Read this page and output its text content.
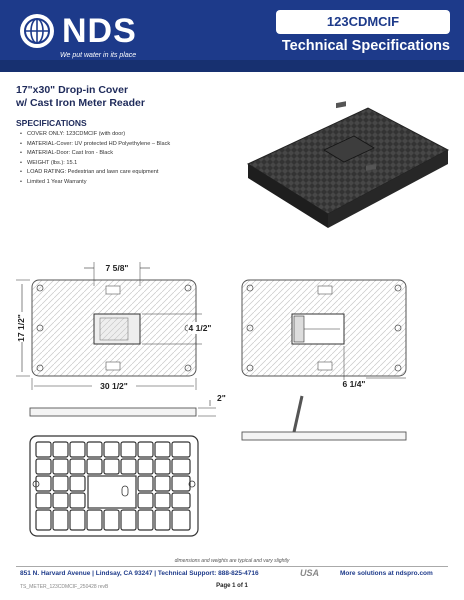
NDS
We put water in its place
123CDMCIF
Technical Specifications
17"x30" Drop-in Cover
w/ Cast Iron Meter Reader
SPECIFICATIONS
• COVER ONLY: 123CDMCIF (with door)
• MATERIAL-Cover: UV protected HD Polyethylene – Black
• MATERIAL-Door: Cast Iron - Black
• WEIGHT (lbs.): 15.1
• LOAD RATING: Pedestrian and lawn care equipment
• Limited 1 Year Warranty
7 5/8"
17 1/2"	4 1/2"
30 1/2"	6 1/4"
2"
dimensions and weights are typical and vary slightly
851 N. Harvard Avenue | Lindsay, CA 93247 | Technical Support: 888-825-4716	USA	More solutions at ndspro.com
TS_METER_123CDMCIF_250428 revB	Page 1 of 1
